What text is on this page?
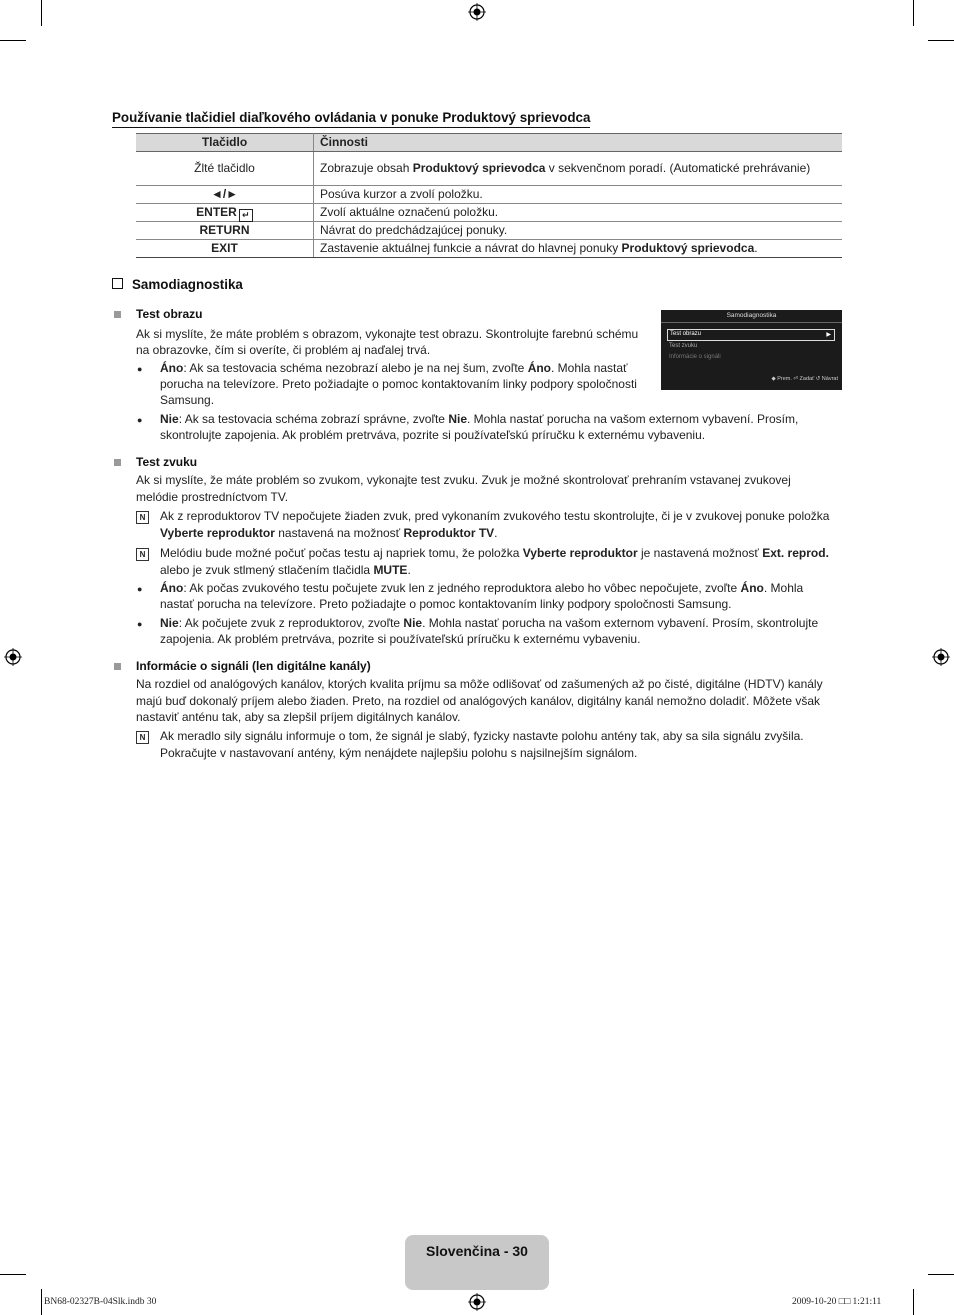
Používanie tlačidiel diaľkového ovládania v ponuke Produktový sprievodca
Tlačidlo	Činnosti
Žlté tlačidlo	Zobrazuje obsah Produktový sprievodca v sekvenčnom poradí. (Automatické prehrávanie)
◄/►	Posúva kurzor a zvolí položku.
ENTER ↵	Zvolí aktuálne označenú položku.
RETURN	Návrat do predchádzajúcej ponuky.
EXIT	Zastavenie aktuálnej funkcie a návrat do hlavnej ponuky Produktový sprievodca.
Samodiagnostika
Test obrazu
Ak si myslíte, že máte problém s obrazom, vykonajte test obrazu. Skontrolujte farebnú schému
na obrazovke, čím si overíte, či problém aj naďalej trvá.
● Áno: Ak sa testovacia schéma nezobrazí alebo je na nej šum, zvoľte Áno. Mohla nastať
porucha na televízore. Preto požiadajte o pomoc kontaktovaním linky podpory spoločnosti
Samsung.
● Nie: Ak sa testovacia schéma zobrazí správne, zvoľte Nie. Mohla nastať porucha na vašom externom vybavení. Prosím,
skontrolujte zapojenia. Ak problém pretrváva, pozrite si používateľskú príručku k externému vybaveniu.
Samodiagnostika
Test obrazu	▶
Test zvuku
Informácie o signáli
◆ Prem. ⏎ Zadať ↺ Návrat
Test zvuku
Ak si myslíte, že máte problém so zvukom, vykonajte test zvuku. Zvuk je možné skontrolovať prehraním vstavanej zvukovej
melódie prostredníctvom TV.
N	Ak z reproduktorov TV nepočujete žiaden zvuk, pred vykonaním zvukového testu skontrolujte, či je v zvukovej ponuke položka
Vyberte reproduktor nastavená na možnosť Reproduktor TV.
N	Melódiu bude možné počuť počas testu aj napriek tomu, že položka Vyberte reproduktor je nastavená možnosť Ext. reprod.
alebo je zvuk stlmený stlačením tlačidla MUTE.
● Áno: Ak počas zvukového testu počujete zvuk len z jedného reproduktora alebo ho vôbec nepočujete, zvoľte Áno. Mohla
nastať porucha na televízore. Preto požiadajte o pomoc kontaktovaním linky podpory spoločnosti Samsung.
● Nie: Ak počujete zvuk z reproduktorov, zvoľte Nie. Mohla nastať porucha na vašom externom vybavení. Prosím, skontrolujte
zapojenia. Ak problém pretrváva, pozrite si používateľskú príručku k externému vybaveniu.
Informácie o signáli (len digitálne kanály)
Na rozdiel od analógových kanálov, ktorých kvalita príjmu sa môže odlišovať od zašumených až po čisté, digitálne (HDTV) kanály
majú buď dokonalý príjem alebo žiaden. Preto, na rozdiel od analógových kanálov, digitálny kanál nemožno doladiť. Môžete však
nastaviť anténu tak, aby sa zlepšil príjem digitálnych kanálov.
N	Ak meradlo sily signálu informuje o tom, že signál je slabý, fyzicky nastavte polohu antény tak, aby sa sila signálu zvyšila.
Pokračujte v nastavovaní antény, kým nenájdete najlepšiu polohu s najsilnejším signálom.
Slovenčina - 30
BN68-02327B-04Slk.indb 30	2009-10-20 □□ 1:21:11
